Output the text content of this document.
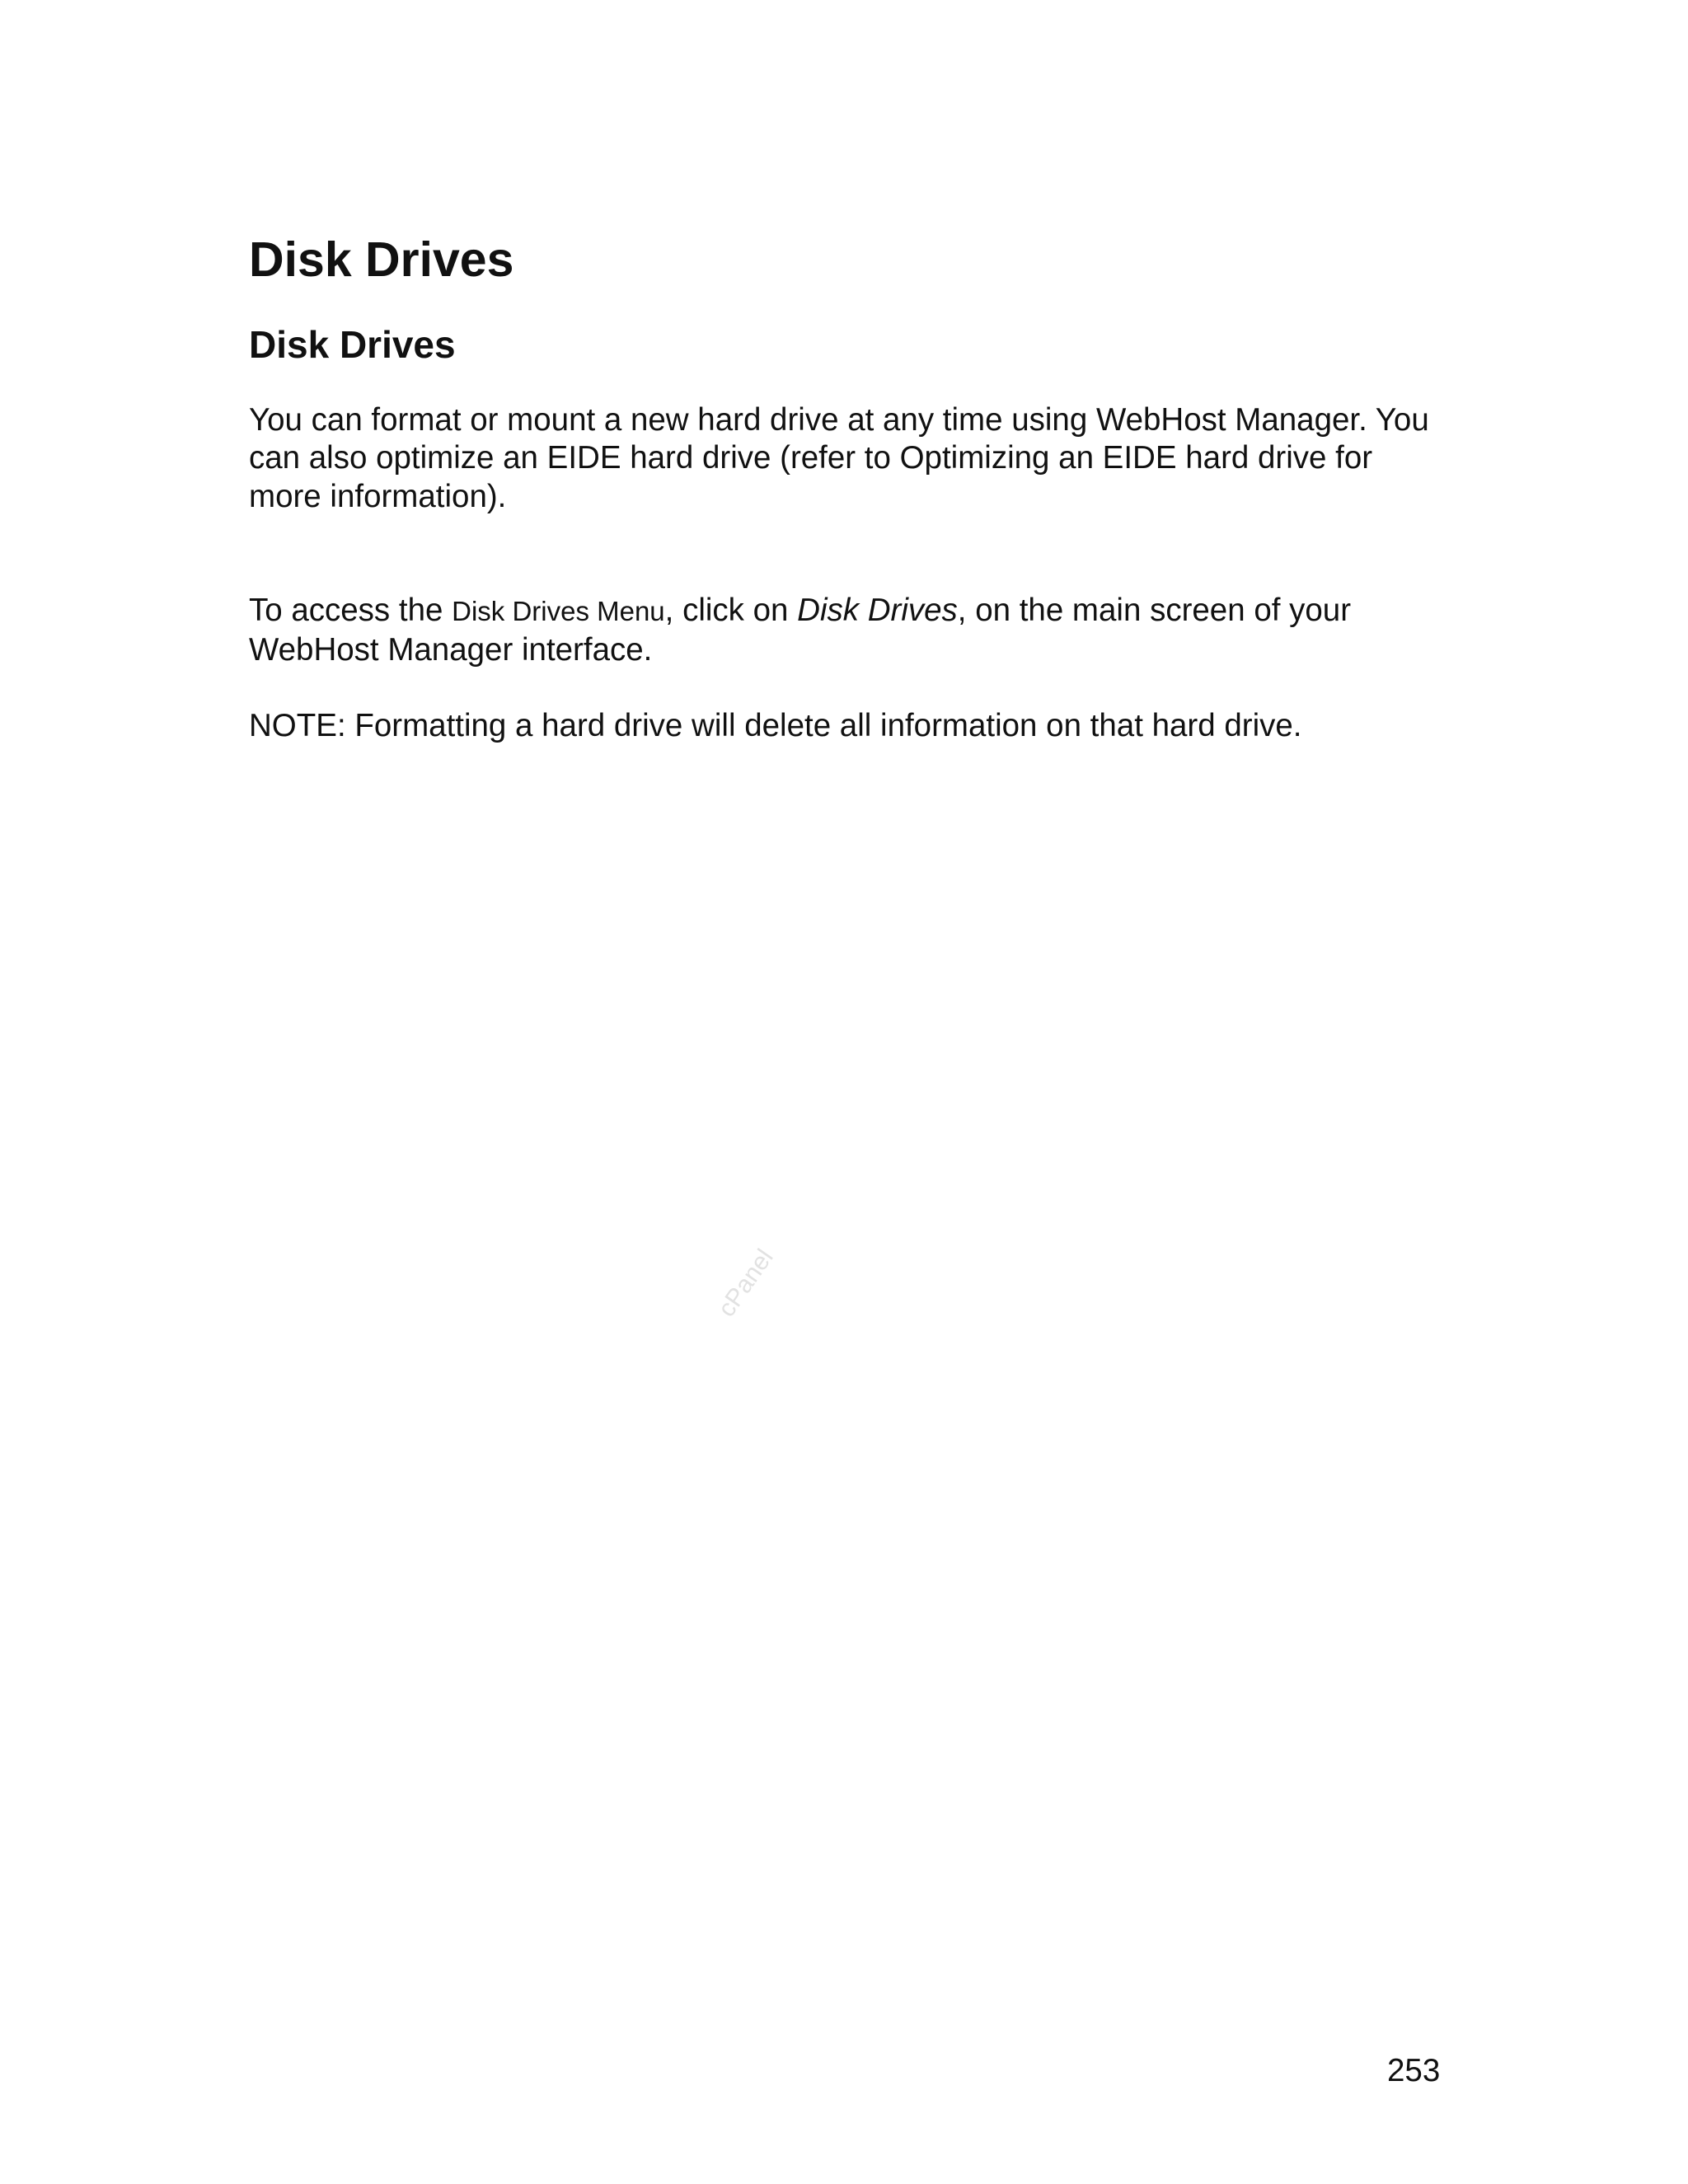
Disk Drives
Disk Drives

You can format or mount a new hard drive at any time using WebHost Manager. You can also optimize an EIDE hard drive (refer to Optimizing an EIDE hard drive for more information).

To access the Disk Drives Menu, click on Disk Drives, on the main screen of your WebHost Manager interface.

NOTE: Formatting a hard drive will delete all information on that hard drive.

cPanel
253
